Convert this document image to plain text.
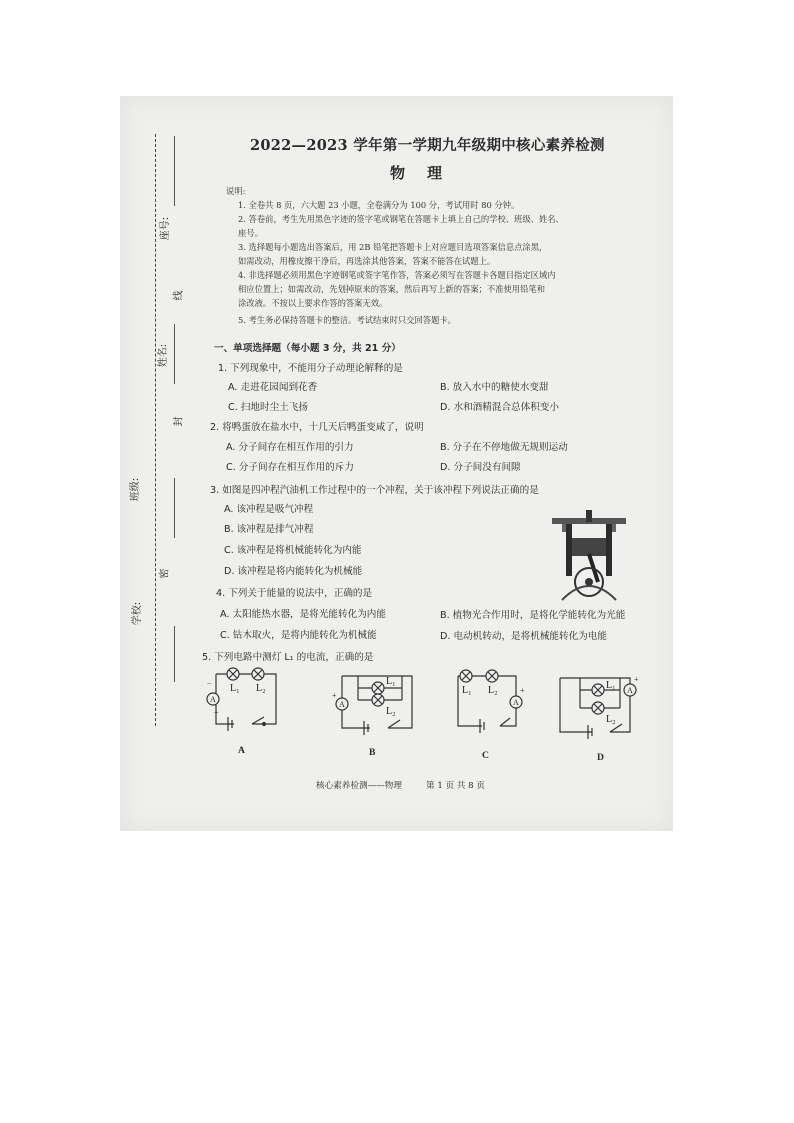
座号:
线
姓名:
封
班级:
密
学校:
2022—2023 学年第一学期九年级期中核心素养检测
物理
说明:
1. 全卷共 8 页，六大题 23 小题，全卷满分为 100 分，考试用时 80 分钟。
2. 答卷前，考生先用黑色字迹的签字笔或钢笔在答题卡上填上自己的学校、班级、姓名、
座号。
3. 选择题每小题选出答案后，用 2B 铅笔把答题卡上对应题目选项答案信息点涂黑，
如需改动，用橡皮擦干净后，再选涂其他答案，答案不能答在试题上。
4. 非选择题必须用黑色字迹钢笔或签字笔作答，答案必须写在答题卡各题目指定区域内
相应位置上；如需改动，先划掉原来的答案，然后再写上新的答案；不准使用铅笔和
涂改液。不按以上要求作答的答案无效。
5. 考生务必保持答题卡的整洁。考试结束时只交回答题卡。
一、单项选择题（每小题 3 分，共 21 分）
1. 下列现象中，不能用分子动理论解释的是
A. 走进花园闻到花香	B. 放入水中的糖使水变甜
C. 扫地时尘土飞扬	D. 水和酒精混合总体积变小
2. 将鸭蛋放在盐水中，十几天后鸭蛋变咸了，说明
A. 分子间存在相互作用的引力	B. 分子在不停地做无规则运动
C. 分子间存在相互作用的斥力	D. 分子间没有间隙
3. 如图是四冲程汽油机工作过程中的一个冲程，关于该冲程下列说法正确的是
A. 该冲程是吸气冲程
B. 该冲程是排气冲程
C. 该冲程是将机械能转化为内能
D. 该冲程是将内能转化为机械能
4. 下列关于能量的说法中，正确的是
A. 太阳能热水器，是将光能转化为内能	B. 植物光合作用时，是将化学能转化为光能
C. 钻木取火，是将内能转化为机械能	D. 电动机转动，是将机械能转化为电能
5. 下列电路中测灯 L₁ 的电流，正确的是
L₁ L₂
A
−
+
A
L₁
L₂
A
+
B
L₁ L₂
A
+
C
L₁
L₂
A
+
D
核心素养检测——物理	第 1 页 共 8 页
